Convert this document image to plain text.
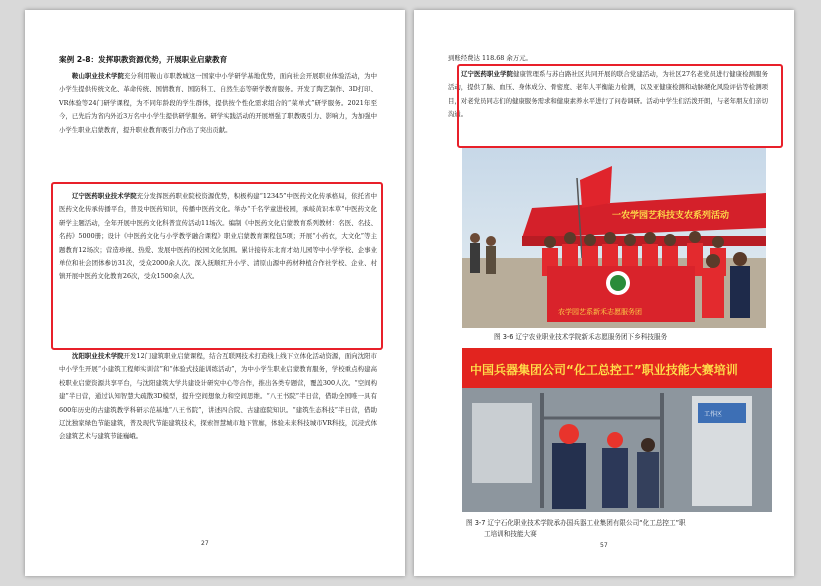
案例 2-8：发挥职教资源优势，开展职业启蒙教育

鞍山职业技术学院充分利用鞍山市职教城这一国家中小学研学基地优势，面向社会开展职业体验活动，为中小学生提供传统文化、革命传统、国情教育、国防科工、自然生态等研学教育服务。开发了陶艺制作、3D打印、VR体验等24门研学课程，为不同年龄段的学生群体，提供按个性化需求组合的“菜单式”研学服务。2021年至今，已先后为省内外近3万名中小学生提供研学服务。研学实践活动的开展增强了职教吸引力、影响力，为加强中小学生职业启蒙教育，提升职业教育吸引力作出了突出贡献。

辽宁医药职业技术学院充分发挥医药职业院校资源优势，积极构建“12345”中医药文化传承格局，依托省中医药文化传承传播平台，普及中医药知识，传播中医药文化。举办“千名学童进校园，承岐黄识本草”中医药文化研学主题活动，全年开展中医药文化科普宣传活动11场次。编制《中医药文化启蒙教育系列教材：名医、名技、名药》5000册；设计《中医药文化与小学教学融合课程》职业启蒙教育课程包5项；开展“小药衣，大文化”等主题教育12场次；营造珍视、热爱、发展中医药的校园文化氛围。累计接待东北育才幼儿园等中小学学校、企事业单位和社会团体参访31次，受众2000余人次。深入抚顺红升小学、清原山源中药材种植合作社学校、企业、村镇开展中医药文化教育26次，受众1500余人次。

沈阳职业技术学院开发12门建筑职业启蒙课程，结合互联网技术打造线上线下立体化活动资源，面向沈阳市中小学生开展“小建筑工程师实训营”和“体验式技能训练活动”，为中小学生职业启蒙教育服务，学校重点构建高校职业启蒙资源共享平台，与沈阳建筑大学共建设计研究中心等合作，推出各类专题营，覆盖300人次。“空间构建”半日营，通过认知智慧大疏散3D模型，提升空间想象力和空间思维。“八王书院”半日营，借助全国唯一具有600年历史的古建筑教学科研示范基地“八王书院”，讲述四合院、古建庭院知识。“建筑生态科技”半日营，借助辽沈独家绿色节能建筑，普及现代节能建筑技术，探索智慧城市地下管廊，体验未来科技城市VR科技，沉浸式体会建筑艺术与建筑节能巍峨。

27

到账经费达 118.68 余万元。

辽宁医药职业学院健康管理系与苏白路社区共同开展的联合党建活动，为社区27名老党员进行健康检测服务活动，提供了脑、血压、身体成分、骨密度、老年人平衡能力检测，以及亚健康检测和动脉硬化风险评估等检测项目，对老党员同志们的健康服务需求和健康素养水平进行了问卷调研。活动中学生们活泼开朗，与老年朋友们亲切沟通。

一农学园艺科技支农系列活动
农学园艺系新禾志愿服务团
图 3-6 辽宁农业职业技术学院新禾志愿服务团下乡科技服务
中国兵器集团公司“化工总控工”职业技能大赛培训
工作区
图 3-7 辽宁石化职业技术学院承办国兵器工业集团有限公司“化工总控工”职
工培训和技能大赛
57
